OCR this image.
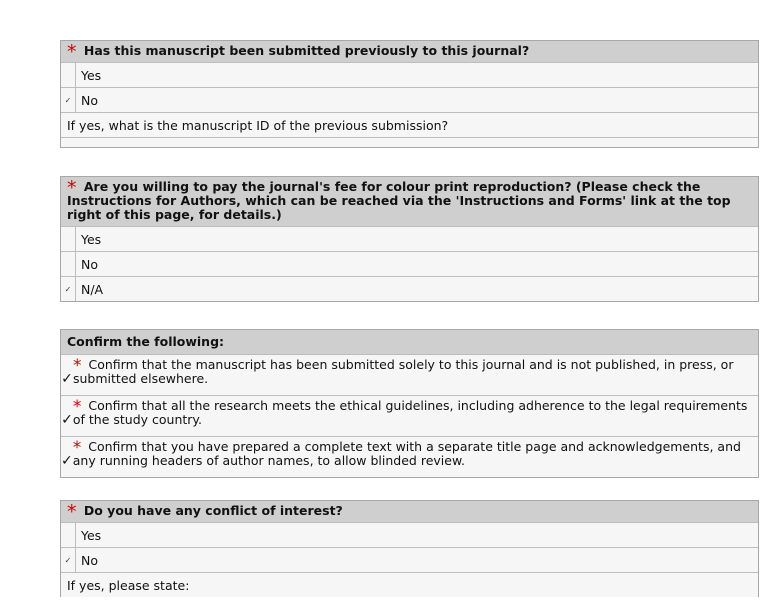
* Has this manuscript been submitted previously to this journal?
Yes
✓ No
If yes, what is the manuscript ID of the previous submission?
* Are you willing to pay the journal's fee for colour print reproduction? (Please check the Instructions for Authors, which can be reached via the 'Instructions and Forms' link at the top right of this page, for details.)
Yes
No
✓ N/A
Confirm the following:
✓
* Confirm that the manuscript has been submitted solely to this journal and is not published, in press, or submitted elsewhere.
✓
* Confirm that all the research meets the ethical guidelines, including adherence to the legal requirements of the study country.
✓
* Confirm that you have prepared a complete text with a separate title page and acknowledgements, and any running headers of author names, to allow blinded review.
* Do you have any conflict of interest?
Yes
✓ No
If yes, please state:
